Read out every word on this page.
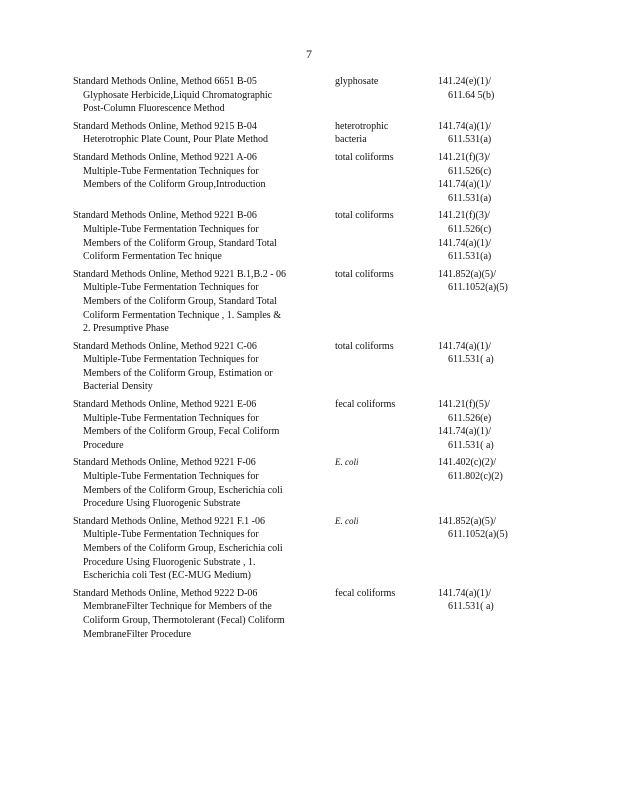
7
Standard Methods Online, Method 6651 B-05
Glyphosate Herbicide,Liquid Chromatographic
Post-Column Fluorescence Method
glyphosate	141.24(e)(1)/
611.64 5(b)
Standard Methods Online, Method 9215 B-04
Heterotrophic Plate Count, Pour Plate Method
heterotrophic
bacteria
141.74(a)(1)/
611.531(a)
Standard Methods Online, Method 9221 A-06
Multiple-Tube Fermentation Techniques for
Members of the Coliform Group,Introduction
total coliforms	141.21(f)(3)/
611.526(c)
141.74(a)(1)/
611.531(a)
Standard Methods Online, Method 9221 B-06
Multiple-Tube Fermentation Techniques for
Members of the Coliform Group, Standard Total
Coliform Fermentation Tec hnique
total coliforms	141.21(f)(3)/
611.526(c)
141.74(a)(1)/
611.531(a)
Standard Methods Online, Method 9221 B.1,B.2 - 06
Multiple-Tube Fermentation Techniques for
Members of the Coliform Group, Standard Total
Coliform Fermentation Technique , 1. Samples &
2. Presumptive Phase
total coliforms	141.852(a)(5)/
611.1052(a)(5)
Standard Methods Online, Method 9221 C-06
Multiple-Tube Fermentation Techniques for
Members of the Coliform Group, Estimation or
Bacterial Density
total coliforms	141.74(a)(1)/
611.531( a)
Standard Methods Online, Method 9221 E-06
Multiple-Tube Fermentation Techniques for
Members of the Coliform Group, Fecal Coliform
Procedure
fecal coliforms	141.21(f)(5)/
611.526(e)
141.74(a)(1)/
611.531( a)
Standard Methods Online, Method 9221 F-06
Multiple-Tube Fermentation Techniques for
Members of the Coliform Group, Escherichia coli
Procedure Using Fluorogenic Substrate
E. coli	141.402(c)(2)/
611.802(c)(2)
Standard Methods Online, Method 9221 F.1 -06
Multiple-Tube Fermentation Techniques for
Members of the Coliform Group, Escherichia coli
Procedure Using Fluorogenic Substrate , 1.
Escherichia coli Test (EC-MUG Medium)
E. coli	141.852(a)(5)/
611.1052(a)(5)
Standard Methods Online, Method 9222 D-06
MembraneFilter Technique for Members of the
Coliform Group, Thermotolerant (Fecal) Coliform
MembraneFilter Procedure
fecal coliforms	141.74(a)(1)/
611.531( a)
